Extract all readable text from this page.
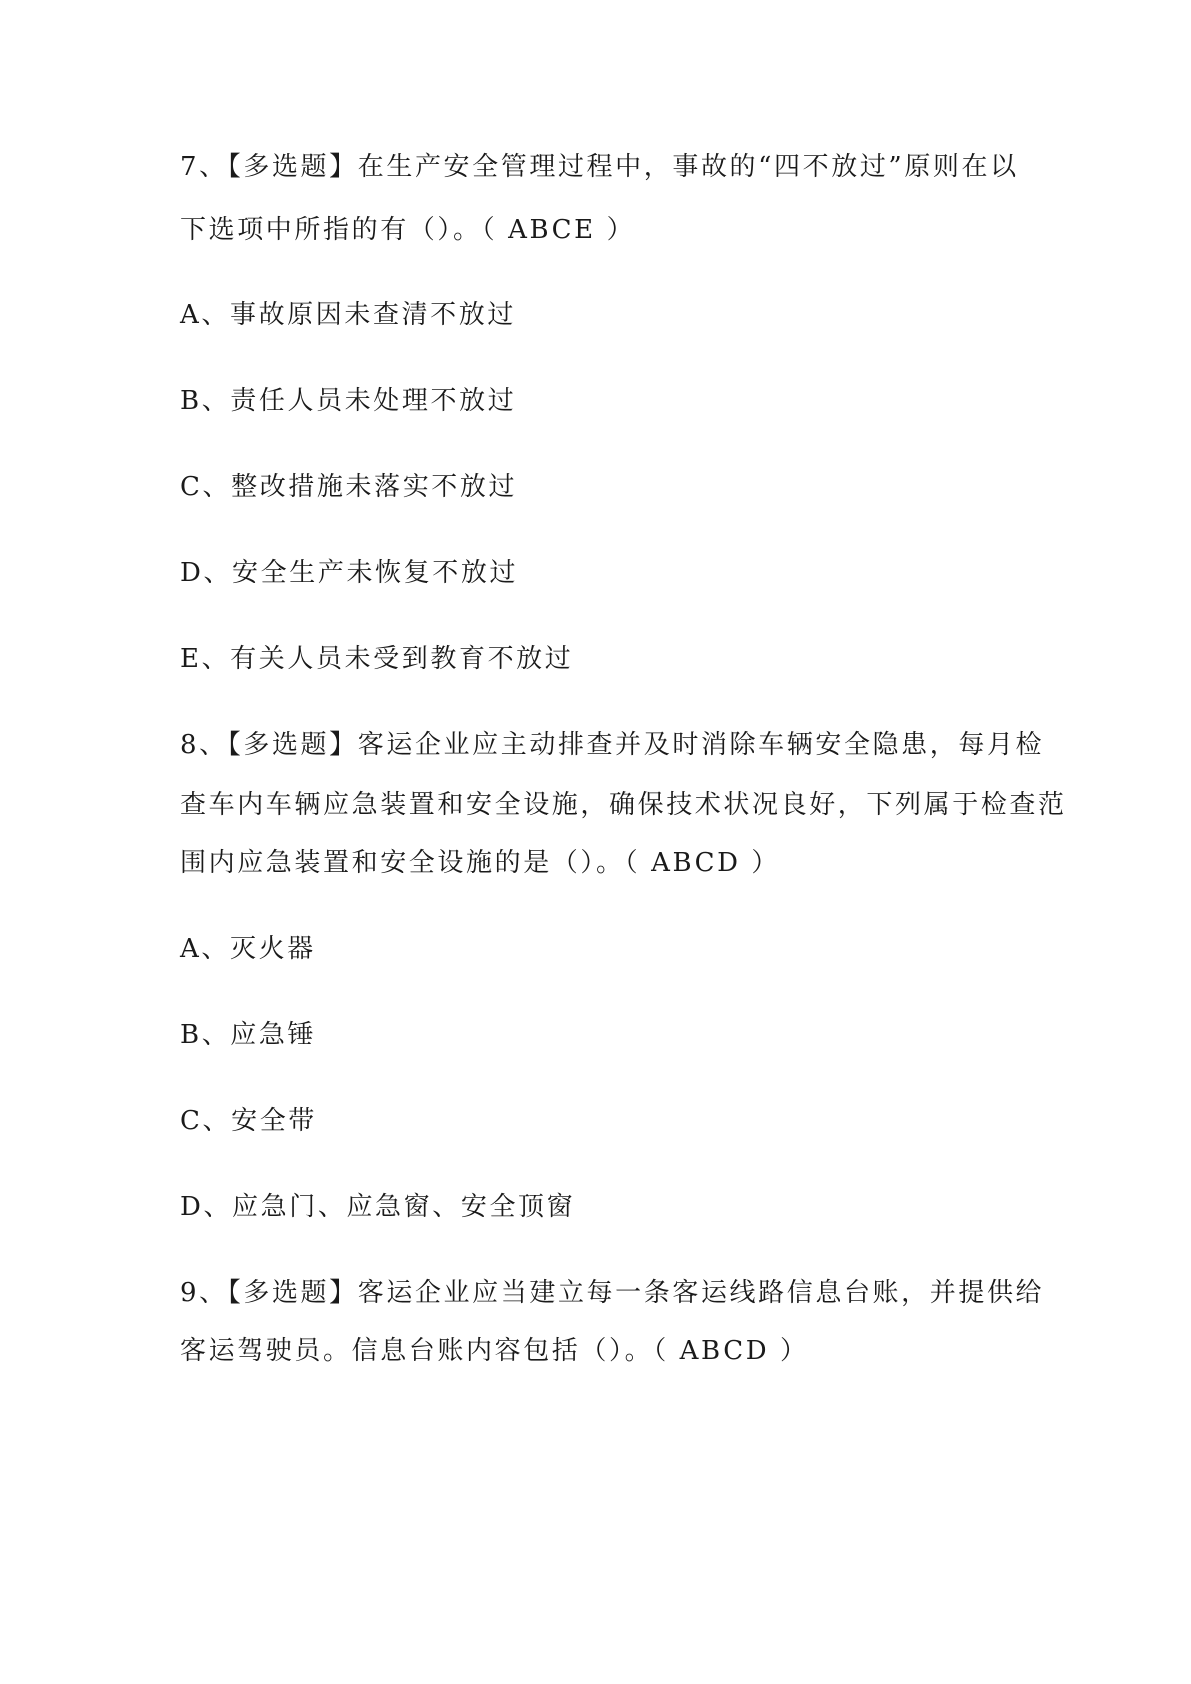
7、【多选题】在生产安全管理过程中，事故的“四不放过”原则在以
下选项中所指的有（）。（ ABCE ）
A、事故原因未查清不放过
B、责任人员未处理不放过
C、整改措施未落实不放过
D、安全生产未恢复不放过
E、有关人员未受到教育不放过
8、【多选题】客运企业应主动排查并及时消除车辆安全隐患，每月检
查车内车辆应急装置和安全设施，确保技术状况良好，下列属于检查范
围内应急装置和安全设施的是（）。（ ABCD ）
A、灭火器
B、应急锤
C、安全带
D、应急门、应急窗、安全顶窗
9、【多选题】客运企业应当建立每一条客运线路信息台账，并提供给
客运驾驶员。信息台账内容包括（）。（ ABCD ）
